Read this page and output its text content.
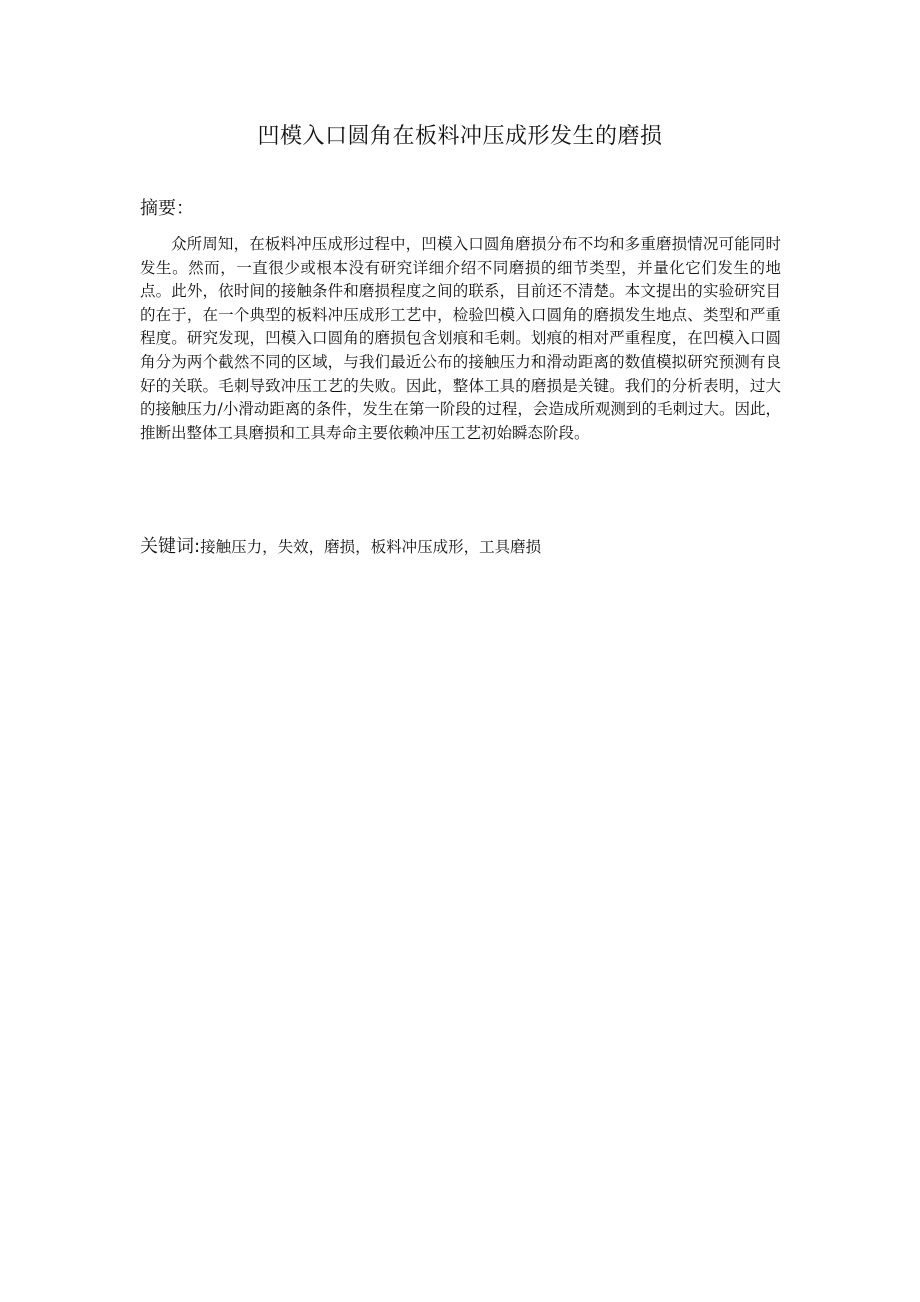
凹模入口圆角在板料冲压成形发生的磨损
摘要：

众所周知，在板料冲压成形过程中，凹模入口圆角磨损分布不均和多重磨损情况可能同时发生。然而，一直很少或根本没有研究详细介绍不同磨损的细节类型，并量化它们发生的地点。此外，依时间的接触条件和磨损程度之间的联系，目前还不清楚。本文提出的实验研究目的在于，在一个典型的板料冲压成形工艺中，检验凹模入口圆角的磨损发生地点、类型和严重程度。研究发现，凹模入口圆角的磨损包含划痕和毛刺。划痕的相对严重程度，在凹模入口圆角分为两个截然不同的区域，与我们最近公布的接触压力和滑动距离的数值模拟研究预测有良好的关联。毛刺导致冲压工艺的失败。因此，整体工具的磨损是关键。我们的分析表明，过大的接触压力/小滑动距离的条件，发生在第一阶段的过程，会造成所观测到的毛刺过大。因此，推断出整体工具磨损和工具寿命主要依赖冲压工艺初始瞬态阶段。

关键词:接触压力，失效，磨损，板料冲压成形，工具磨损
